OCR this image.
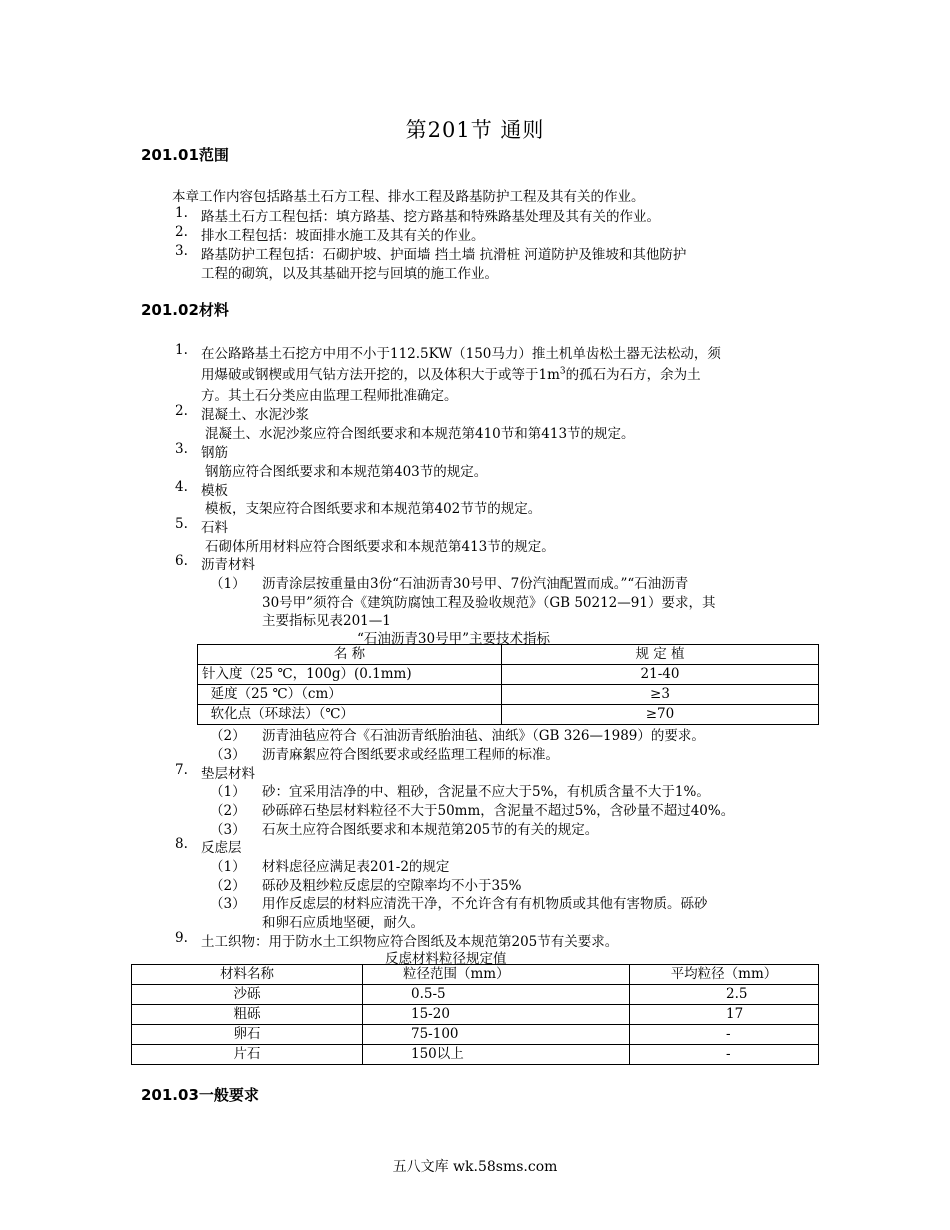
第201节 通则
201.01范围
本章工作内容包括路基土石方工程、排水工程及路基防护工程及其有关的作业。
1. 路基土石方工程包括：填方路基、挖方路基和特殊路基处理及其有关的作业。
2. 排水工程包括：坡面排水施工及其有关的作业。
3. 路基防护工程包括：石砌护坡、护面墙 挡土墙 抗滑桩 河道防护及锥坡和其他防护
工程的砌筑，以及其基础开挖与回填的施工作业。
201.02材料
1. 在公路路基土石挖方中用不小于112.5KW（150马力）推土机单齿松土器无法松动，须
用爆破或钢楔或用气钻方法开挖的，以及体积大于或等于$1m^3$的孤石为石方，余为土
方。其土石分类应由监理工程师批准确定。
2. 混凝土、水泥沙浆
混凝土、水泥沙浆应符合图纸要求和本规范第410节和第413节的规定。
3. 钢筋
钢筋应符合图纸要求和本规范第403节的规定。
4. 模板
模板，支架应符合图纸要求和本规范第402节节的规定。
5. 石料
石砌体所用材料应符合图纸要求和本规范第413节的规定。
6. 沥青材料
（1） 沥青涂层按重量由3份“石油沥青30号甲、7份汽油配置而成。”“石油沥青
30号甲”须符合《建筑防腐蚀工程及验收规范》（GB 50212—91）要求，其
主要指标见表201—1
“石油沥青30号甲”主要技术指标
名 称	规 定 植
针入度（25 ℃，100g）(0.1mm)	21-40
延度（25 ℃）（cm）	≥3
软化点（环球法）（℃）	≥70
（2） 沥青油毡应符合《石油沥青纸胎油毡、油纸》（GB 326—1989）的要求。
（3） 沥青麻絮应符合图纸要求或经监理工程师的标准。
7. 垫层材料
（1） 砂：宜采用洁净的中、粗砂，含泥量不应大于5%，有机质含量不大于1%。
（2） 砂砾碎石垫层材料粒径不大于50mm，含泥量不超过5%，含砂量不超过40%。
（3） 石灰土应符合图纸要求和本规范第205节的有关的规定。
8. 反虑层
（1） 材料虑径应满足表201-2的规定
（2） 砾砂及粗纱粒反虑层的空隙率均不小于35%
（3） 用作反虑层的材料应清洗干净，不允许含有有机物质或其他有害物质。砾砂
和卵石应质地坚硬，耐久。
9. 土工织物：用于防水土工织物应符合图纸及本规范第205节有关要求。
反虑材料粒径规定值
材料名称	粒径范围（mm）	平均粒径（mm）
沙砾	0.5-5	2.5
粗砾	15-20	17
卵石	75-100	-
片石	150以上	-
201.03一般要求
五八文库 wk.58sms.com
